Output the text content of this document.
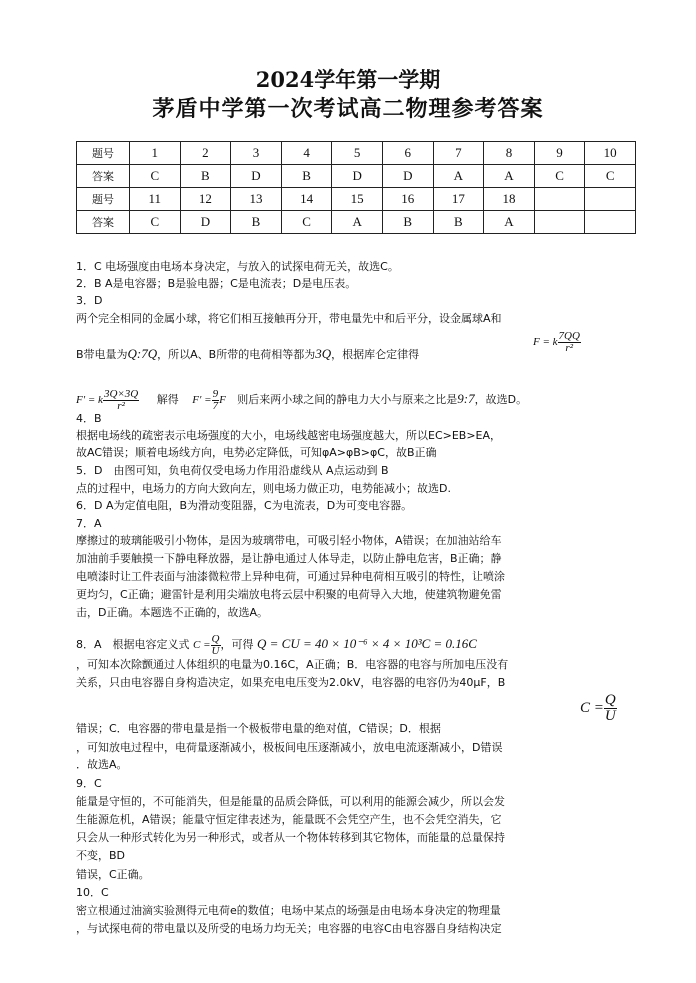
2024学年第一学期
茅盾中学第一次考试高二物理参考答案
题号	1	2	3	4	5	6	7	8	9	10
答案	C	B	D	B	D	D	A	A	C	C
题号	11	12	13	14	15	16	17	18		
答案	C	D	B	C	A	B	B	A		
1．C 电场强度由电场本身决定，与放入的试探电荷无关，故选C。
2．B A是电容器；B是验电器；C是电流表；D是电压表。
3．D
两个完全相同的金属小球，将它们相互接触再分开，带电量先中和后平分，设金属球A和
B带电量为Q:7Q，所以A、B所带的电荷相等都为3Q，根据库仑定律得
F = k $\frac{7QQ}{\text{r²}}$
F′ = k $\frac{3Q\times 3Q}{\text{r²}}$ 解得 $F' = \frac{9}{7}$ F 则后来两小球之间的静电力大小与原来之比是9:7，故选D。
4．B
根据电场线的疏密表示电场强度的大小，电场线越密电场强度越大，所以EC>EB>EA，
故AC错误；顺着电场线方向，电势必定降低，可知φA>φB>φC，故B正确
5．D　由图可知，负电荷仅受电场力作用沿虚线从 A点运动到 B
点的过程中，电场力的方向大致向左，则电场力做正功，电势能减小；故选D.
6．D A为定值电阻，B为滑动变阻器，C为电流表，D为可变电容器。
7．A
摩擦过的玻璃能吸引小物体，是因为玻璃带电，可吸引轻小物体，A错误；在加油站给车
加油前手要触摸一下静电释放器，是让静电通过人体导走，以防止静电危害，B正确；静
电喷漆时让工件表面与油漆微粒带上异种电荷，可通过异种电荷相互吸引的特性，让喷涂
更均匀，C正确；避雷针是利用尖端放电将云层中积聚的电荷导入大地，使建筑物避免雷
击，D正确。本题选不正确的，故选A。
8．A　根据电容定义式 $C = \frac{Q}{U}$ ，可得 Q = CU = 40 × 10⁻⁶ × 4 × 10³C = 0.16C
，可知本次除颤通过人体组织的电量为0.16C，A正确；B．电容器的电容与所加电压没有
关系，只由电容器自身构造决定，如果充电电压变为2.0kV，电容器的电容仍为40μF，B
$C = \frac{Q}{U}$
错误；C．电容器的带电量是指一个极板带电量的绝对值，C错误；D．根据
，可知放电过程中，电荷量逐渐减小，极板间电压逐渐减小，放电电流逐渐减小，D错误
．故选A。
9．C
能量是守恒的，不可能消失，但是能量的品质会降低，可以利用的能源会减少，所以会发
生能源危机，A错误；能量守恒定律表述为，能量既不会凭空产生，也不会凭空消失，它
只会从一种形式转化为另一种形式，或者从一个物体转移到其它物体，而能量的总量保持
不变，BD
错误，C正确。
10．C
密立根通过油滴实验测得元电荷e的数值；电场中某点的场强是由电场本身决定的物理量
，与试探电荷的带电量以及所受的电场力均无关；电容器的电容C由电容器自身结构决定
